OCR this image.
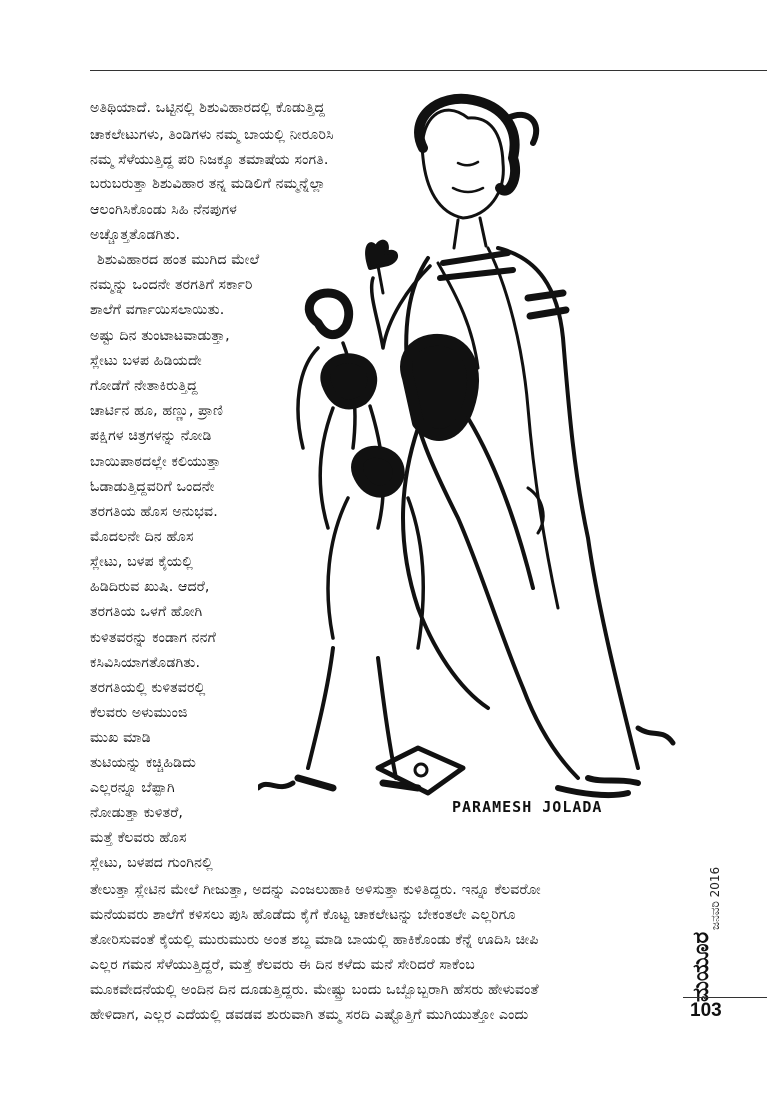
ಅತಿಥಿಯಾದೆ. ಒಟ್ಟಿನಲ್ಲಿ ಶಿಶುವಿಹಾರದಲ್ಲಿ ಕೊಡುತ್ತಿದ್ದ
ಚಾಕಲೇಟುಗಳು, ತಿಂಡಿಗಳು ನಮ್ಮ ಬಾಯಲ್ಲಿ ನೀರೂರಿಸಿ
ನಮ್ಮ ಸೆಳೆಯುತ್ತಿದ್ದ ಪರಿ ನಿಜಕ್ಕೂ ತಮಾಷೆಯ ಸಂಗತಿ.
ಬರುಬರುತ್ತಾ ಶಿಶುವಿಹಾರ ತನ್ನ ಮಡಿಲಿಗೆ ನಮ್ಮನ್ನೆಲ್ಲಾ
ಆಲಂಗಿಸಿಕೊಂಡು ಸಿಹಿ ನೆನಪುಗಳ
ಅಚ್ಚೊತ್ತತೊಡಗಿತು.
ಶಿಶುವಿಹಾರದ ಹಂತ ಮುಗಿದ ಮೇಲೆ
ನಮ್ಮನ್ನು ಒಂದನೇ ತರಗತಿಗೆ ಸರ್ಕಾರಿ
ಶಾಲೆಗೆ ವರ್ಗಾಯಿಸಲಾಯಿತು.
ಅಷ್ಟು ದಿನ ತುಂಟಾಟವಾಡುತ್ತಾ,
ಸ್ಲೇಟು ಬಳಪ ಹಿಡಿಯದೇ
ಗೋಡೆಗೆ ನೇತಾಕಿರುತ್ತಿದ್ದ
ಚಾರ್ಟಿನ ಹೂ, ಹಣ್ಣು, ಪ್ರಾಣಿ
ಪಕ್ಷಿಗಳ ಚಿತ್ರಗಳನ್ನು ನೋಡಿ
ಬಾಯಿಪಾಠದಲ್ಲೇ ಕಲಿಯುತ್ತಾ
ಓಡಾಡುತ್ತಿದ್ದವರಿಗೆ ಒಂದನೇ
ತರಗತಿಯ ಹೊಸ ಅನುಭವ.
ಮೊದಲನೇ ದಿನ ಹೊಸ
ಸ್ಲೇಟು, ಬಳಪ ಕೈಯಲ್ಲಿ
ಹಿಡಿದಿರುವ ಖುಷಿ. ಆದರೆ,
ತರಗತಿಯ ಒಳಗೆ ಹೋಗಿ
ಕುಳಿತವರನ್ನು ಕಂಡಾಗ ನನಗೆ
ಕಸಿವಿಸಿಯಾಗತೊಡಗಿತು.
ತರಗತಿಯಲ್ಲಿ ಕುಳಿತವರಲ್ಲಿ
ಕೆಲವರು ಅಳುಮುಂಜಿ
ಮುಖ ಮಾಡಿ
ತುಟಿಯನ್ನು ಕಚ್ಚಿಹಿಡಿದು
ಎಲ್ಲರನ್ನೂ ಬೆಪ್ಪಾಗಿ
ನೋಡುತ್ತಾ ಕುಳಿತರೆ,
ಮತ್ತೆ ಕೆಲವರು ಹೊಸ
ಸ್ಲೇಟು, ಬಳಪದ ಗುಂಗಿನಲ್ಲಿ
ತೇಲುತ್ತಾ ಸ್ಲೇಟಿನ ಮೇಲೆ ಗೀಜುತ್ತಾ, ಅದನ್ನು ಎಂಜಲುಹಾಕಿ ಅಳಿಸುತ್ತಾ ಕುಳಿತಿದ್ದರು. ಇನ್ನೂ ಕೆಲವರೋ
ಮನೆಯವರು ಶಾಲೆಗೆ ಕಳಿಸಲು ಪುಸಿ ಹೊಡೆದು ಕೈಗೆ ಕೊಟ್ಟ ಚಾಕಲೇಟನ್ನು ಬೇಕಂತಲೇ ಎಲ್ಲರಿಗೂ
ತೋರಿಸುವಂತೆ ಕೈಯಲ್ಲಿ ಮುರುಮುರು ಅಂತ ಶಬ್ದ ಮಾಡಿ ಬಾಯಲ್ಲಿ ಹಾಕಿಕೊಂಡು ಕೆನ್ನೆ ಊದಿಸಿ ಚೀಪಿ
ಎಲ್ಲರ ಗಮನ ಸೆಳೆಯುತ್ತಿದ್ದರೆ, ಮತ್ತೆ ಕೆಲವರು ಈ ದಿನ ಕಳೆದು ಮನೆ ಸೇರಿದರೆ ಸಾಕೆಂಬ
ಮೂಕವೇದನೆಯಲ್ಲಿ ಅಂದಿನ ದಿನ ದೂಡುತ್ತಿದ್ದರು. ಮೇಷ್ಟ್ರು ಬಂದು ಒಬ್ಬೊಬ್ಬರಾಗಿ ಹೆಸರು ಹೇಳುವಂತೆ
ಹೇಳಿದಾಗ, ಎಲ್ಲರ ಎದೆಯಲ್ಲಿ ಡವಡವ ಶುರುವಾಗಿ ತಮ್ಮ ಸರದಿ ಎಷ್ಟೊತ್ತಿಗೆ ಮುಗಿಯುತ್ತೋ ಎಂದು
PARAMESH JOLADA
ಜನವರಿ 2016
ಮಯೂರ
103
